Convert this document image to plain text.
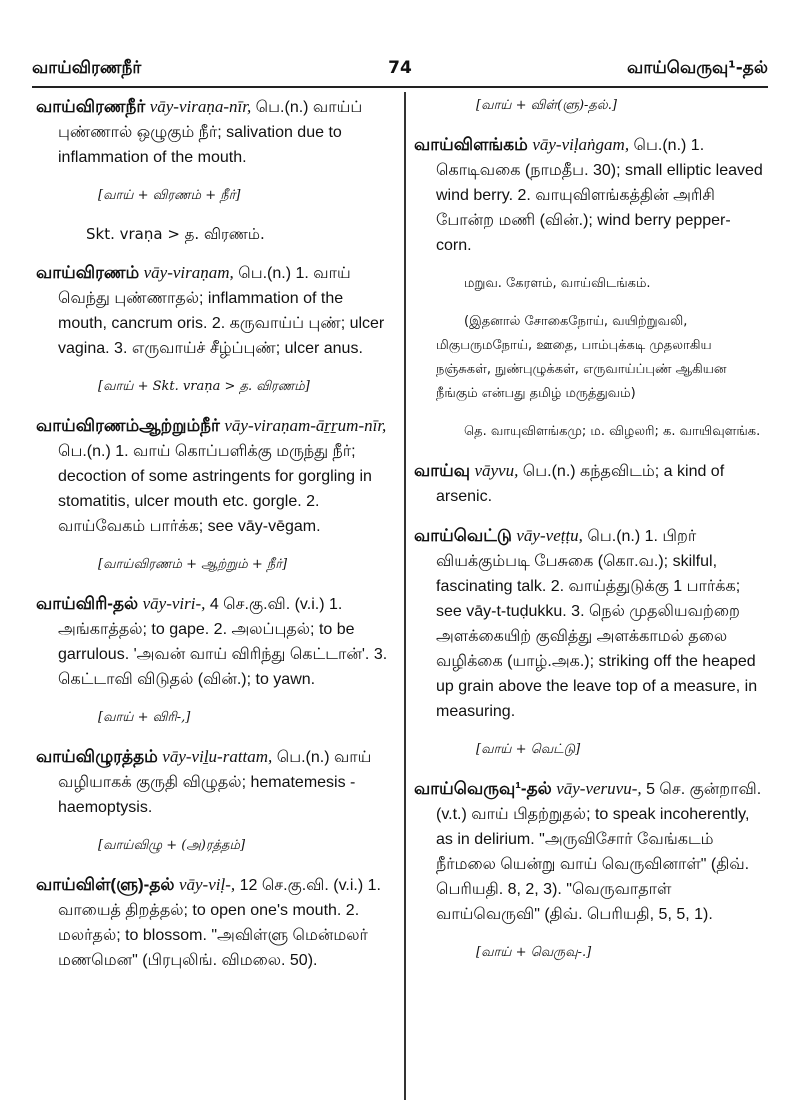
வாய்விரணநீர்	74	வாய்வெருவு¹-தல்

வாய்விரணநீர் vāy-viraṇa-nīr, பெ.(n.) வாய்ப் புண்ணால் ஒழுகும் நீர்; salivation due to inflammation of the mouth.

[வாய் + விரணம் + நீர்]

Skt. vraṇa > த. விரணம்.

வாய்விரணம் vāy-viraṇam, பெ.(n.) 1. வாய் வெந்து புண்ணாதல்; inflammation of the mouth, cancrum oris. 2. கருவாய்ப் புண்; ulcer vagina. 3. எருவாய்ச் சீழ்ப்புண்; ulcer anus.

[வாய் + Skt. vraṇa > த. விரணம்]

வாய்விரணம்ஆற்றும்நீர் vāy-viraṇam-āṟṟum-nīr, பெ.(n.) 1. வாய் கொப்பளிக்கு மருந்து நீர்; decoction of some astringents for gorgling in stomatitis, ulcer mouth etc. gorgle. 2. வாய்வேகம் பார்க்க; see vāy-vēgam.

[வாய்விரணம் + ஆற்றும் + நீர்]

வாய்விரி-தல் vāy-viri-, 4 செ.கு.வி. (v.i.) 1. அங்காத்தல்; to gape. 2. அலப்புதல்; to be garrulous. 'அவன் வாய் விரிந்து கெட்டான்'. 3. கெட்டாவி விடுதல் (வின்.); to yawn.

[வாய் + விரி-,]

வாய்விழுரத்தம் vāy-viḻu-rattam, பெ.(n.) வாய் வழியாகக் குருதி விழுதல்; hematemesis - haemoptysis.

[வாய்விழு + (அ)ரத்தம்]

வாய்விள்(ளு)-தல் vāy-viḷ-, 12 செ.கு.வி. (v.i.) 1. வாயைத் திறத்தல்; to open one's mouth. 2. மலர்தல்; to blossom. "அவிள்ளு மென்மலர் மணமென" (பிரபுலிங். விமலை. 50).

[வாய் + விள்(ளு)-தல்.]

வாய்விளங்கம் vāy-viḷaṅgam, பெ.(n.) 1. கொடிவகை (நாமதீப. 30); small elliptic leaved wind berry. 2. வாயுவிளங்கத்தின் அரிசி போன்ற மணி (வின்.); wind berry pepper-corn.

மறுவ. கேரளம், வாய்விடங்கம்.

(இதனால் சோகைநோய், வயிற்றுவலி, மிகுபருமநோய், ஊதை, பாம்புக்கடி முதலாகிய நஞ்சுகள், நுண்புழுக்கள், எருவாய்ப்புண் ஆகியன நீங்கும் என்பது தமிழ் மருத்துவம்)

தெ. வாயுவிளங்கமு; ம. விழலரி; க. வாயிவுளங்க.

வாய்வு vāyvu, பெ.(n.) கந்தவிடம்; a kind of arsenic.

வாய்வெட்டு vāy-veṭṭu, பெ.(n.) 1. பிறர் வியக்கும்படி பேசுகை (கொ.வ.); skilful, fascinating talk. 2. வாய்த்துடுக்கு 1 பார்க்க; see vāy-t-tuḍukku. 3. நெல் முதலியவற்றை அளக்கையிற் குவித்து அளக்காமல் தலை வழிக்கை (யாழ்.அக.); striking off the heaped up grain above the leave top of a measure, in measuring.

[வாய் + வெட்டு]

வாய்வெருவு¹-தல் vāy-veruvu-, 5 செ. குன்றாவி.(v.t.) வாய் பிதற்றுதல்; to speak incoherently, as in delirium. "அருவிசோர் வேங்கடம் நீர்மலை யென்று வாய் வெருவினாள்" (திவ். பெரியதி. 8, 2, 3). "வெருவாதாள் வாய்வெருவி" (திவ். பெரியதி, 5, 5, 1).

[வாய் + வெருவு-.]
